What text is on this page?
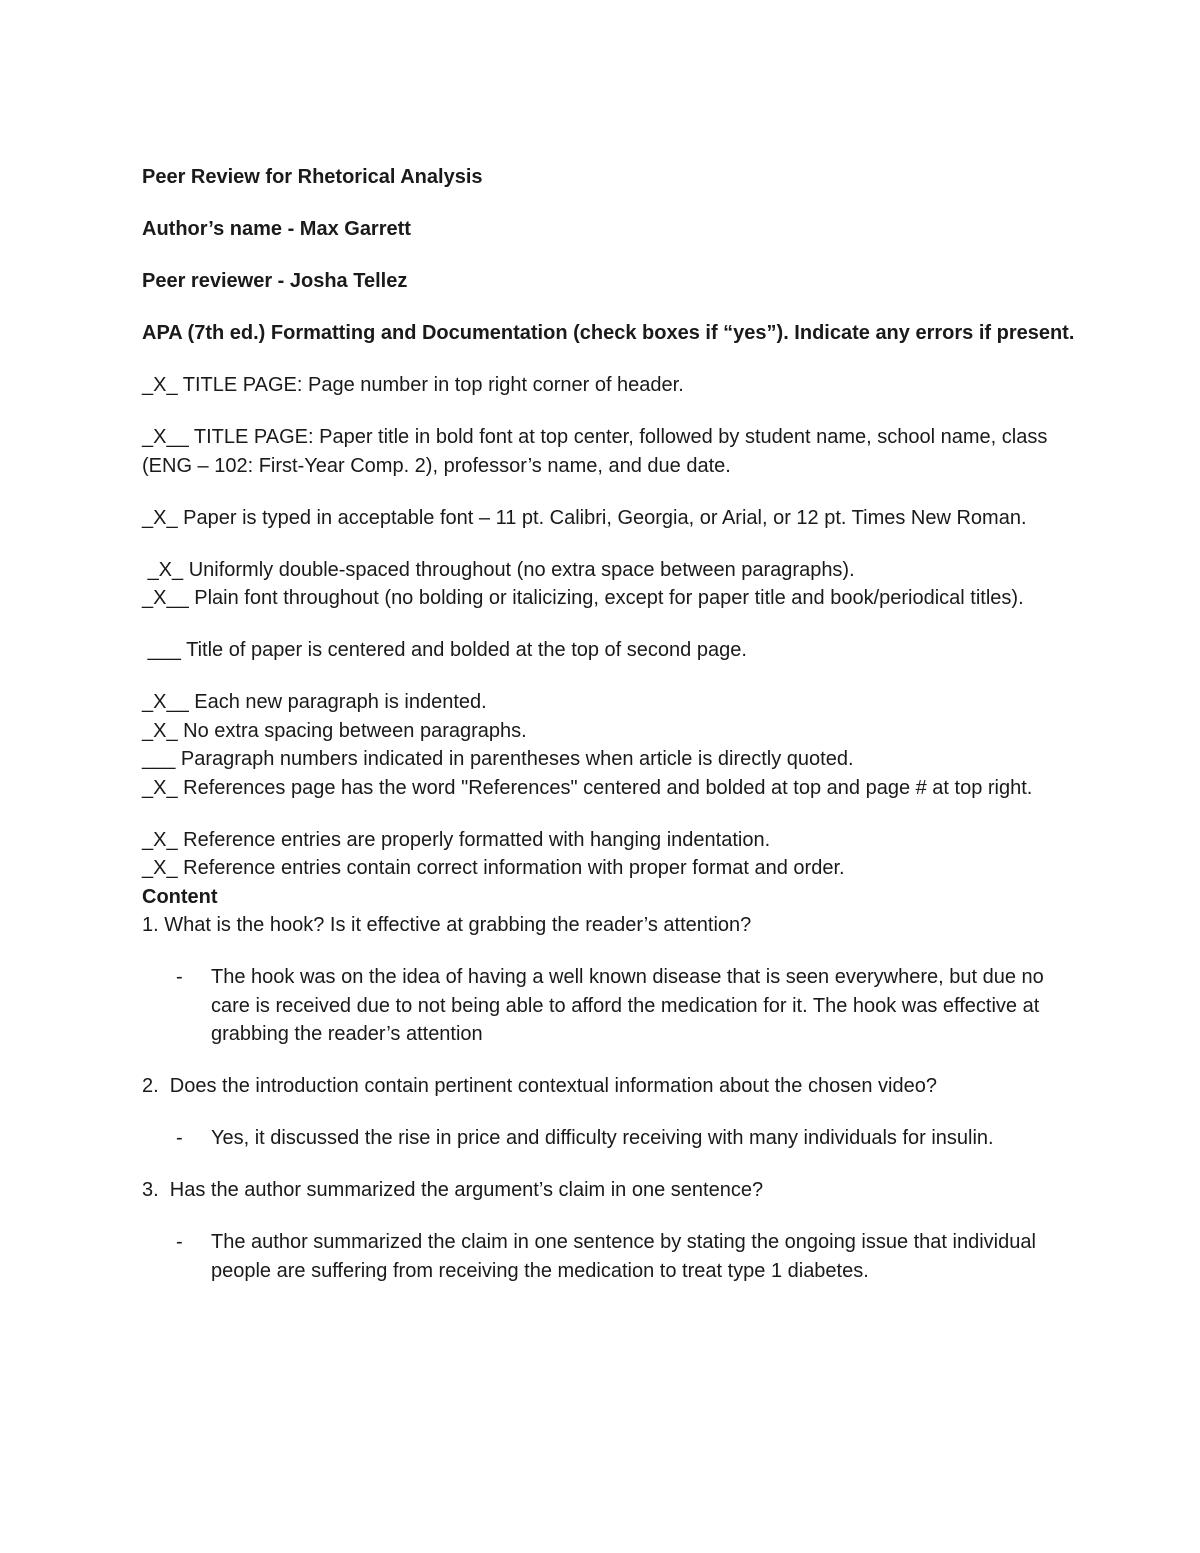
Peer Review for Rhetorical Analysis
Author’s name - Max Garrett
Peer reviewer - Josha Tellez
APA (7th ed.) Formatting and Documentation (check boxes if “yes”). Indicate any errors if present.
_X_ TITLE PAGE: Page number in top right corner of header.
_X__ TITLE PAGE: Paper title in bold font at top center, followed by student name, school name, class (ENG – 102: First-Year Comp. 2), professor’s name, and due date.
_X_ Paper is typed in acceptable font – 11 pt. Calibri, Georgia, or Arial, or 12 pt. Times New Roman.
_X_ Uniformly double-spaced throughout (no extra space between paragraphs).
_X__ Plain font throughout (no bolding or italicizing, except for paper title and book/periodical titles).
___ Title of paper is centered and bolded at the top of second page.
_X__ Each new paragraph is indented.
_X_ No extra spacing between paragraphs.
___ Paragraph numbers indicated in parentheses when article is directly quoted.
_X_ References page has the word "References" centered and bolded at top and page # at top right.
_X_ Reference entries are properly formatted with hanging indentation.
_X_ Reference entries contain correct information with proper format and order.
Content
1. What is the hook? Is it effective at grabbing the reader’s attention?
- The hook was on the idea of having a well known disease that is seen everywhere, but due no care is received due to not being able to afford the medication for it. The hook was effective at grabbing the reader’s attention
2.  Does the introduction contain pertinent contextual information about the chosen video?
- Yes, it discussed the rise in price and difficulty receiving with many individuals for insulin.
3.  Has the author summarized the argument’s claim in one sentence?
- The author summarized the claim in one sentence by stating the ongoing issue that individual people are suffering from receiving the medication to treat type 1 diabetes.
